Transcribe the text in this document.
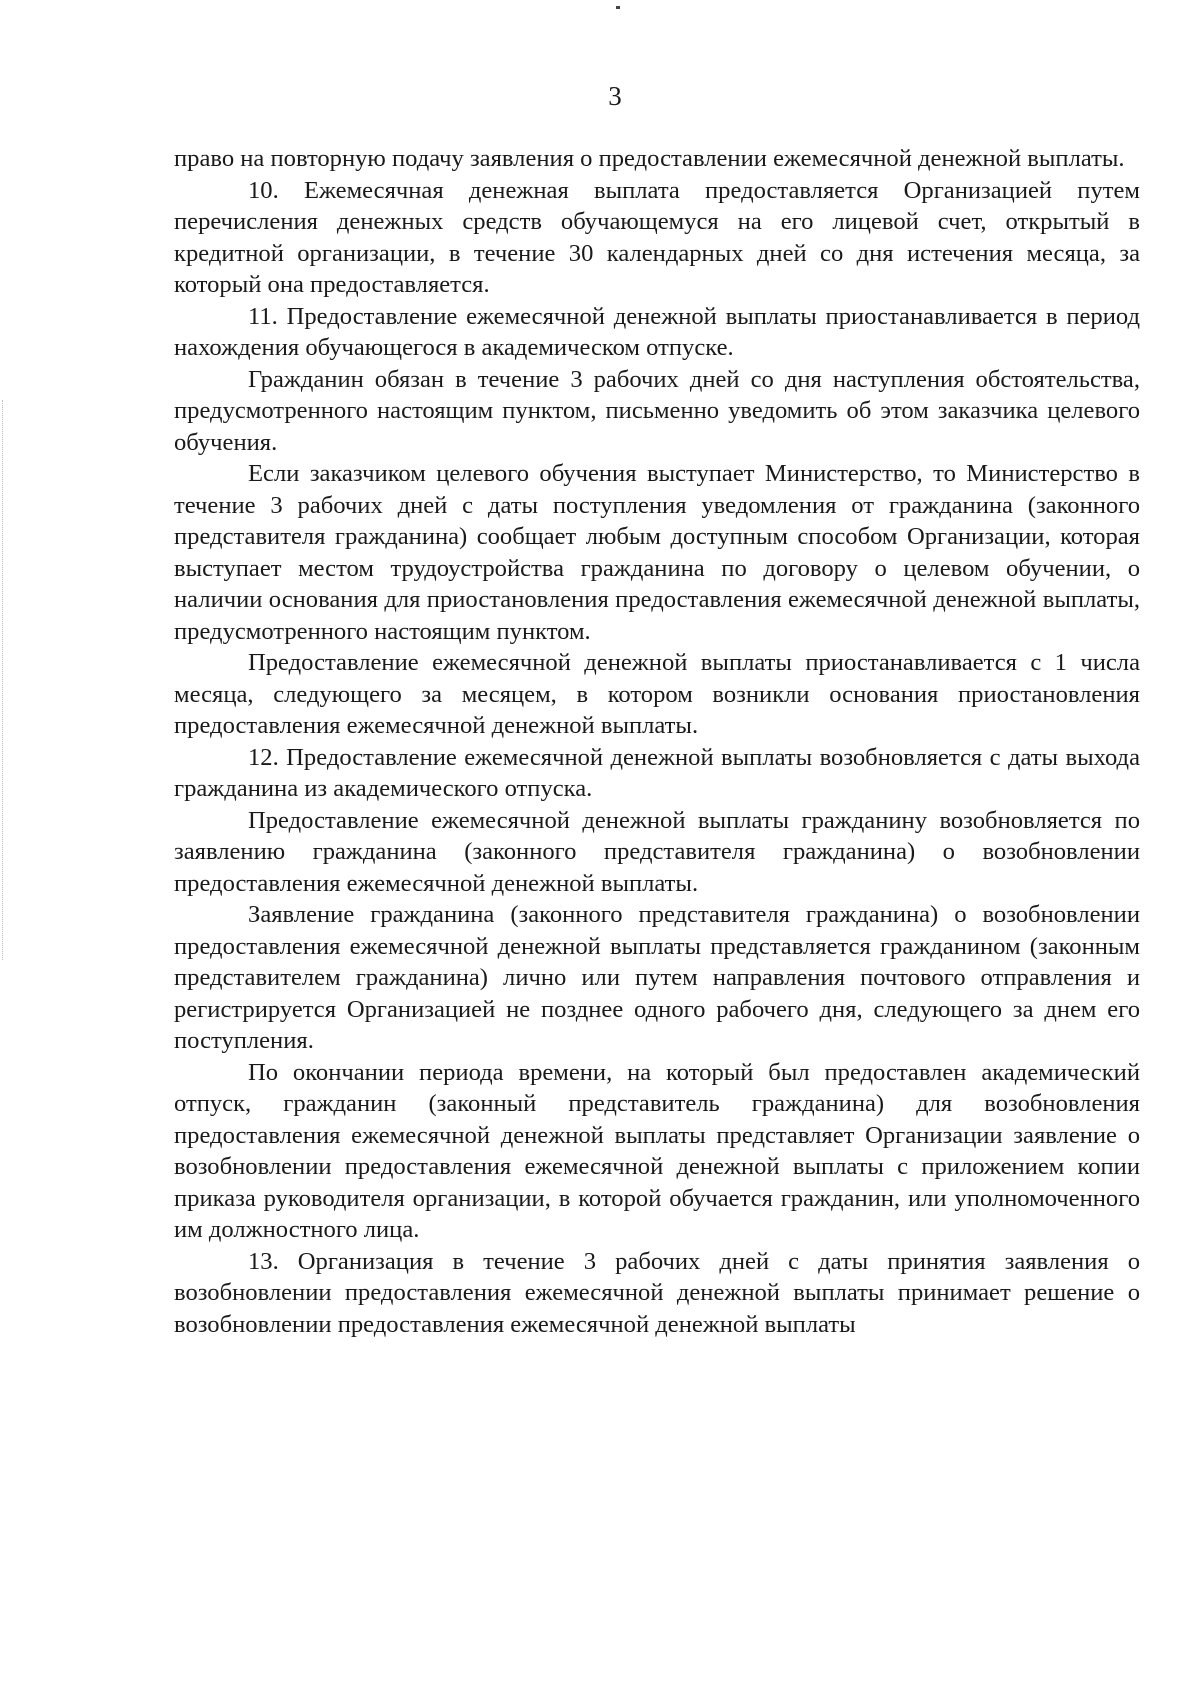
3

право на повторную подачу заявления о предоставлении ежемесячной денежной выплаты.

10. Ежемесячная денежная выплата предоставляется Организацией путем перечисления денежных средств обучающемуся на его лицевой счет, открытый в кредитной организации, в течение 30 календарных дней со дня истечения месяца, за который она предоставляется.

11. Предоставление ежемесячной денежной выплаты приостанавливается в период нахождения обучающегося в академическом отпуске.

Гражданин обязан в течение 3 рабочих дней со дня наступления обстоятельства, предусмотренного настоящим пунктом, письменно уведомить об этом заказчика целевого обучения.

Если заказчиком целевого обучения выступает Министерство, то Министерство в течение 3 рабочих дней с даты поступления уведомления от гражданина (законного представителя гражданина) сообщает любым доступным способом Организации, которая выступает местом трудоустройства гражданина по договору о целевом обучении, о наличии основания для приостановления предоставления ежемесячной денежной выплаты, предусмотренного настоящим пунктом.

Предоставление ежемесячной денежной выплаты приостанавливается с 1 числа месяца, следующего за месяцем, в котором возникли основания приостановления предоставления ежемесячной денежной выплаты.

12. Предоставление ежемесячной денежной выплаты возобновляется с даты выхода гражданина из академического отпуска.

Предоставление ежемесячной денежной выплаты гражданину возобновляется по заявлению гражданина (законного представителя гражданина) о возобновлении предоставления ежемесячной денежной выплаты.

Заявление гражданина (законного представителя гражданина) о возобновлении предоставления ежемесячной денежной выплаты представляется гражданином (законным представителем гражданина) лично или путем направления почтового отправления и регистрируется Организацией не позднее одного рабочего дня, следующего за днем его поступления.

По окончании периода времени, на который был предоставлен академический отпуск, гражданин (законный представитель гражданина) для возобновления предоставления ежемесячной денежной выплаты представляет Организации заявление о возобновлении предоставления ежемесячной денежной выплаты с приложением копии приказа руководителя организации, в которой обучается гражданин, или уполномоченного им должностного лица.

13. Организация в течение 3 рабочих дней с даты принятия заявления о возобновлении предоставления ежемесячной денежной выплаты принимает решение о возобновлении предоставления ежемесячной денежной выплаты
